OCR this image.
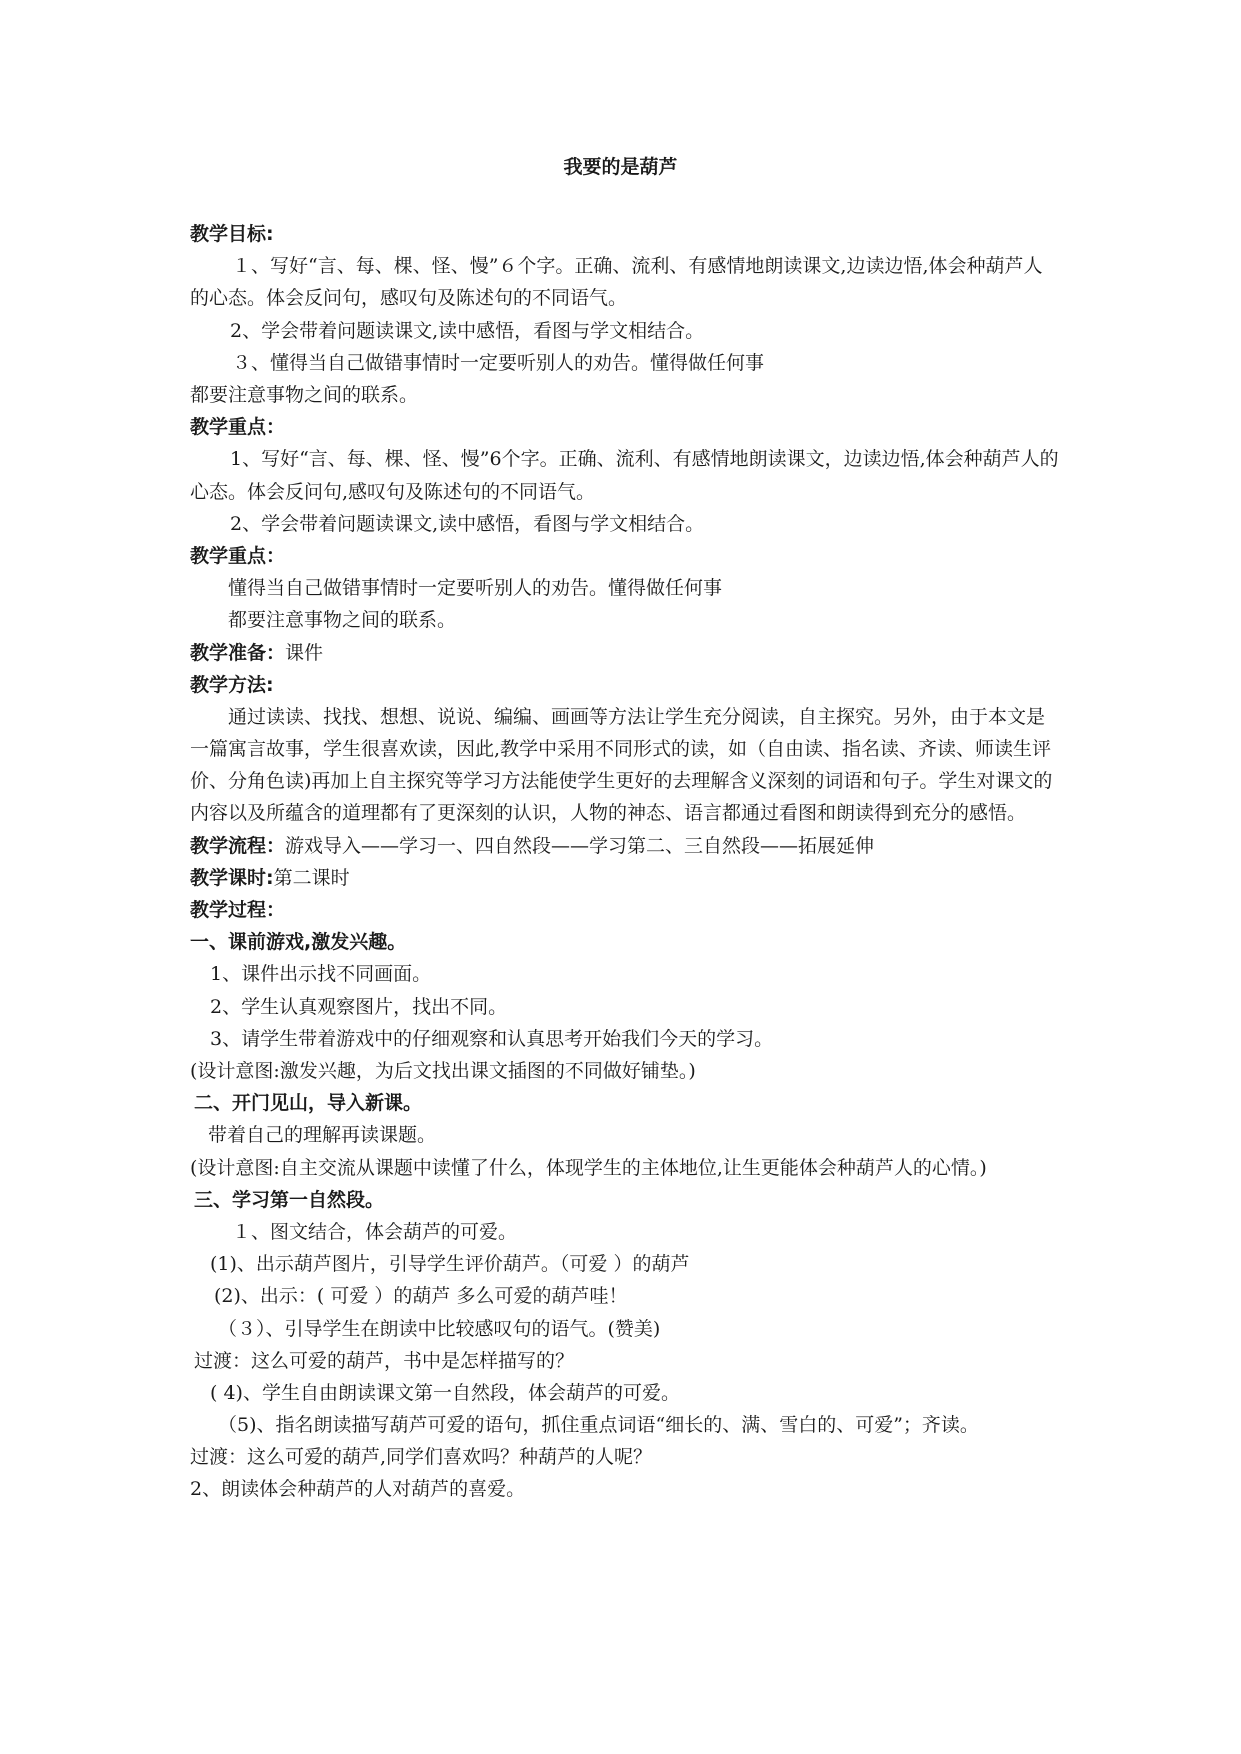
我要的是葫芦
教学目标:
１、写好“言、每、棵、怪、慢”６个字。正确、流利、有感情地朗读课文,边读边悟,体会种葫芦人的心态。体会反问句，感叹句及陈述句的不同语气。
2、学会带着问题读课文,读中感悟，看图与学文相结合。
３、懂得当自己做错事情时一定要听别人的劝告。懂得做任何事
都要注意事物之间的联系。
教学重点：
1、写好“言、每、棵、怪、慢”6个字。正确、流利、有感情地朗读课文，边读边悟,体会种葫芦人的心态。体会反问句,感叹句及陈述句的不同语气。
2、学会带着问题读课文,读中感悟，看图与学文相结合。
教学重点：
懂得当自己做错事情时一定要听别人的劝告。懂得做任何事
都要注意事物之间的联系。
教学准备：课件
教学方法:
通过读读、找找、想想、说说、编编、画画等方法让学生充分阅读，自主探究。另外，由于本文是一篇寓言故事，学生很喜欢读，因此,教学中采用不同形式的读，如（自由读、指名读、齐读、师读生评价、分角色读)再加上自主探究等学习方法能使学生更好的去理解含义深刻的词语和句子。学生对课文的内容以及所蕴含的道理都有了更深刻的认识，人物的神态、语言都通过看图和朗读得到充分的感悟。
教学流程：游戏导入——学习一、四自然段——学习第二、三自然段——拓展延伸
教学课时:第二课时
教学过程：
一、课前游戏,激发兴趣。
1、课件出示找不同画面。
2、学生认真观察图片，找出不同。
3、请学生带着游戏中的仔细观察和认真思考开始我们今天的学习。
(设计意图:激发兴趣，为后文找出课文插图的不同做好铺垫。)
二、开门见山，导入新课。
带着自己的理解再读课题。
(设计意图:自主交流从课题中读懂了什么，体现学生的主体地位,让生更能体会种葫芦人的心情。)
三、学习第一自然段。
１、图文结合，体会葫芦的可爱。
(1)、出示葫芦图片，引导学生评价葫芦。（可爱 ）的葫芦
(2)、出示：( 可爱 ）的葫芦 多么可爱的葫芦哇！
（３）、引导学生在朗读中比较感叹句的语气。(赞美)
过渡：这么可爱的葫芦，书中是怎样描写的？
( 4)、学生自由朗读课文第一自然段，体会葫芦的可爱。
（5)、指名朗读描写葫芦可爱的语句，抓住重点词语“细长的、满、雪白的、可爱”；齐读。
过渡：这么可爱的葫芦,同学们喜欢吗？种葫芦的人呢？
2、朗读体会种葫芦的人对葫芦的喜爱。
